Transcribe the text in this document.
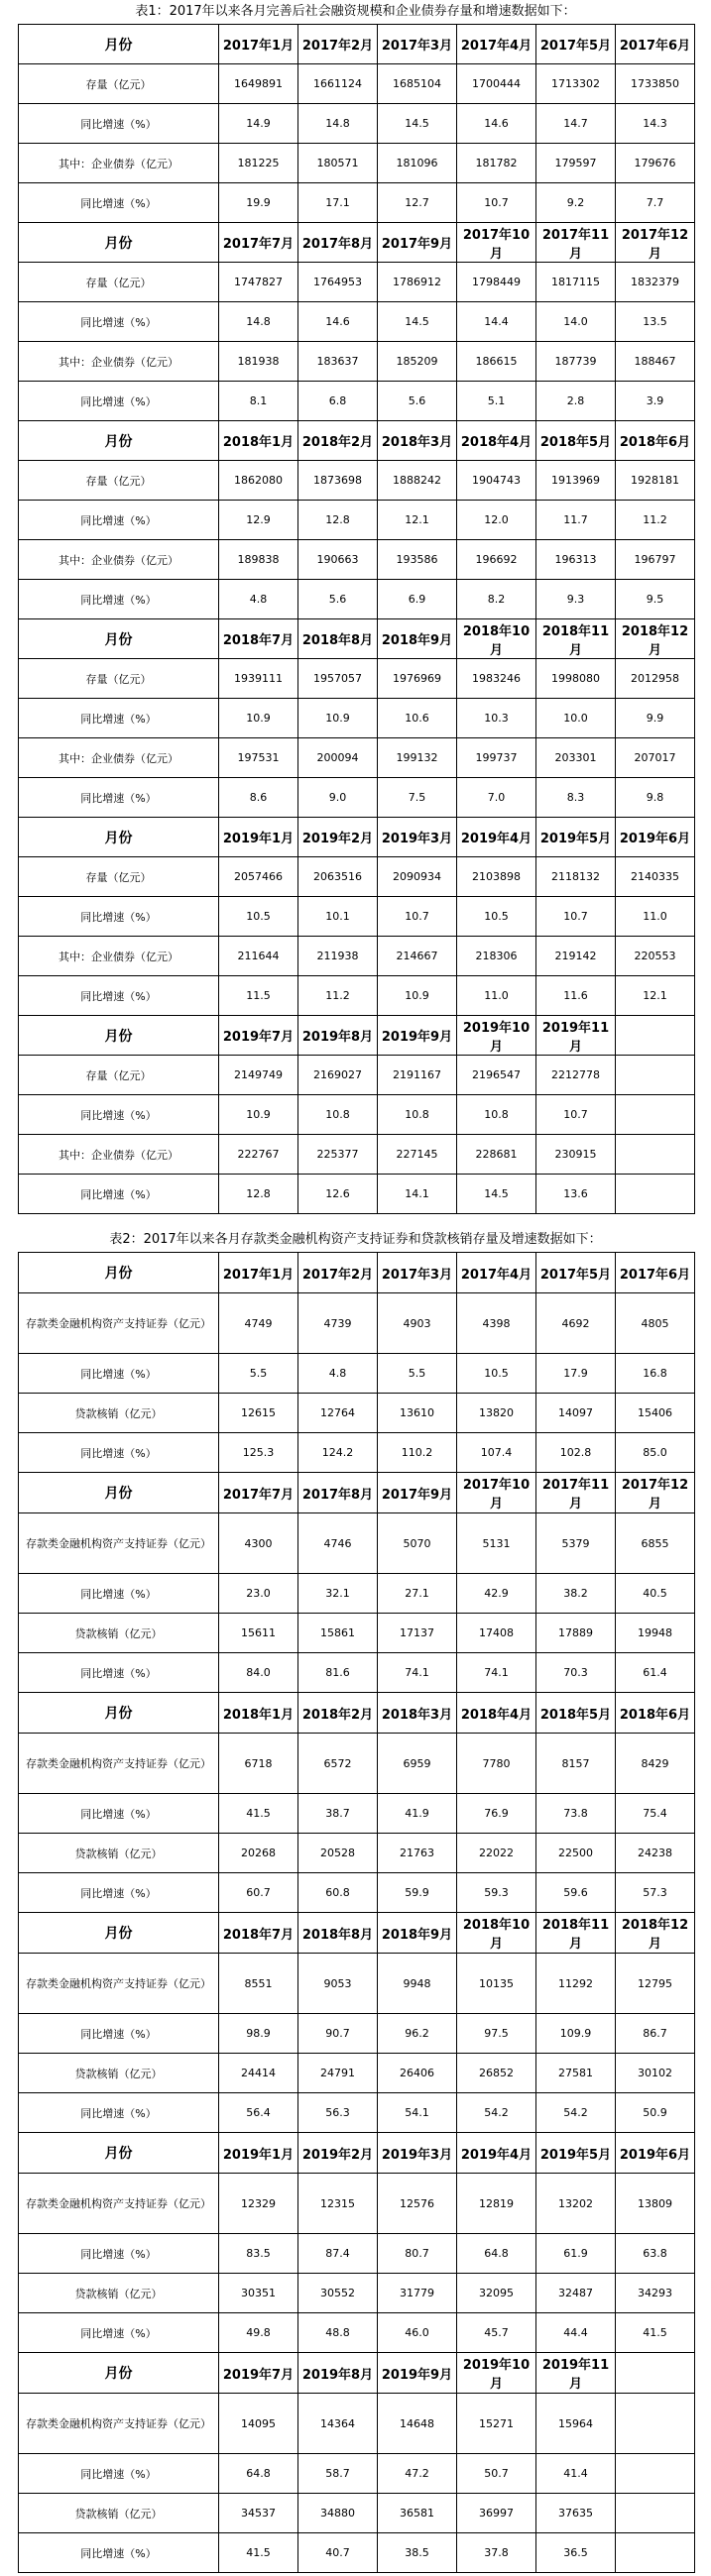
表1：2017年以来各月完善后社会融资规模和企业债券存量和增速数据如下：
月份	2017年1月	2017年2月	2017年3月	2017年4月	2017年5月	2017年6月
存量（亿元）	1649891	1661124	1685104	1700444	1713302	1733850
同比增速（%）	14.9	14.8	14.5	14.6	14.7	14.3
其中：企业债券（亿元）	181225	180571	181096	181782	179597	179676
同比增速（%）	19.9	17.1	12.7	10.7	9.2	7.7
月份	2017年7月	2017年8月	2017年9月	2017年10月	2017年11月	2017年12月
存量（亿元）	1747827	1764953	1786912	1798449	1817115	1832379
同比增速（%）	14.8	14.6	14.5	14.4	14.0	13.5
其中：企业债券（亿元）	181938	183637	185209	186615	187739	188467
同比增速（%）	8.1	6.8	5.6	5.1	2.8	3.9
月份	2018年1月	2018年2月	2018年3月	2018年4月	2018年5月	2018年6月
存量（亿元）	1862080	1873698	1888242	1904743	1913969	1928181
同比增速（%）	12.9	12.8	12.1	12.0	11.7	11.2
其中：企业债券（亿元）	189838	190663	193586	196692	196313	196797
同比增速（%）	4.8	5.6	6.9	8.2	9.3	9.5
月份	2018年7月	2018年8月	2018年9月	2018年10月	2018年11月	2018年12月
存量（亿元）	1939111	1957057	1976969	1983246	1998080	2012958
同比增速（%）	10.9	10.9	10.6	10.3	10.0	9.9
其中：企业债券（亿元）	197531	200094	199132	199737	203301	207017
同比增速（%）	8.6	9.0	7.5	7.0	8.3	9.8
月份	2019年1月	2019年2月	2019年3月	2019年4月	2019年5月	2019年6月
存量（亿元）	2057466	2063516	2090934	2103898	2118132	2140335
同比增速（%）	10.5	10.1	10.7	10.5	10.7	11.0
其中：企业债券（亿元）	211644	211938	214667	218306	219142	220553
同比增速（%）	11.5	11.2	10.9	11.0	11.6	12.1
月份	2019年7月	2019年8月	2019年9月	2019年10月	2019年11月	
存量（亿元）	2149749	2169027	2191167	2196547	2212778	
同比增速（%）	10.9	10.8	10.8	10.8	10.7	
其中：企业债券（亿元）	222767	225377	227145	228681	230915	
同比增速（%）	12.8	12.6	14.1	14.5	13.6	
表2：2017年以来各月存款类金融机构资产支持证券和贷款核销存量及增速数据如下：
月份	2017年1月	2017年2月	2017年3月	2017年4月	2017年5月	2017年6月
存款类金融机构资产支持证券（亿元）	4749	4739	4903	4398	4692	4805
同比增速（%）	5.5	4.8	5.5	10.5	17.9	16.8
贷款核销（亿元）	12615	12764	13610	13820	14097	15406
同比增速（%）	125.3	124.2	110.2	107.4	102.8	85.0
月份	2017年7月	2017年8月	2017年9月	2017年10月	2017年11月	2017年12月
存款类金融机构资产支持证券（亿元）	4300	4746	5070	5131	5379	6855
同比增速（%）	23.0	32.1	27.1	42.9	38.2	40.5
贷款核销（亿元）	15611	15861	17137	17408	17889	19948
同比增速（%）	84.0	81.6	74.1	74.1	70.3	61.4
月份	2018年1月	2018年2月	2018年3月	2018年4月	2018年5月	2018年6月
存款类金融机构资产支持证券（亿元）	6718	6572	6959	7780	8157	8429
同比增速（%）	41.5	38.7	41.9	76.9	73.8	75.4
贷款核销（亿元）	20268	20528	21763	22022	22500	24238
同比增速（%）	60.7	60.8	59.9	59.3	59.6	57.3
月份	2018年7月	2018年8月	2018年9月	2018年10月	2018年11月	2018年12月
存款类金融机构资产支持证券（亿元）	8551	9053	9948	10135	11292	12795
同比增速（%）	98.9	90.7	96.2	97.5	109.9	86.7
贷款核销（亿元）	24414	24791	26406	26852	27581	30102
同比增速（%）	56.4	56.3	54.1	54.2	54.2	50.9
月份	2019年1月	2019年2月	2019年3月	2019年4月	2019年5月	2019年6月
存款类金融机构资产支持证券（亿元）	12329	12315	12576	12819	13202	13809
同比增速（%）	83.5	87.4	80.7	64.8	61.9	63.8
贷款核销（亿元）	30351	30552	31779	32095	32487	34293
同比增速（%）	49.8	48.8	46.0	45.7	44.4	41.5
月份	2019年7月	2019年8月	2019年9月	2019年10月	2019年11月	
存款类金融机构资产支持证券（亿元）	14095	14364	14648	15271	15964	
同比增速（%）	64.8	58.7	47.2	50.7	41.4	
贷款核销（亿元）	34537	34880	36581	36997	37635	
同比增速（%）	41.5	40.7	38.5	37.8	36.5	
